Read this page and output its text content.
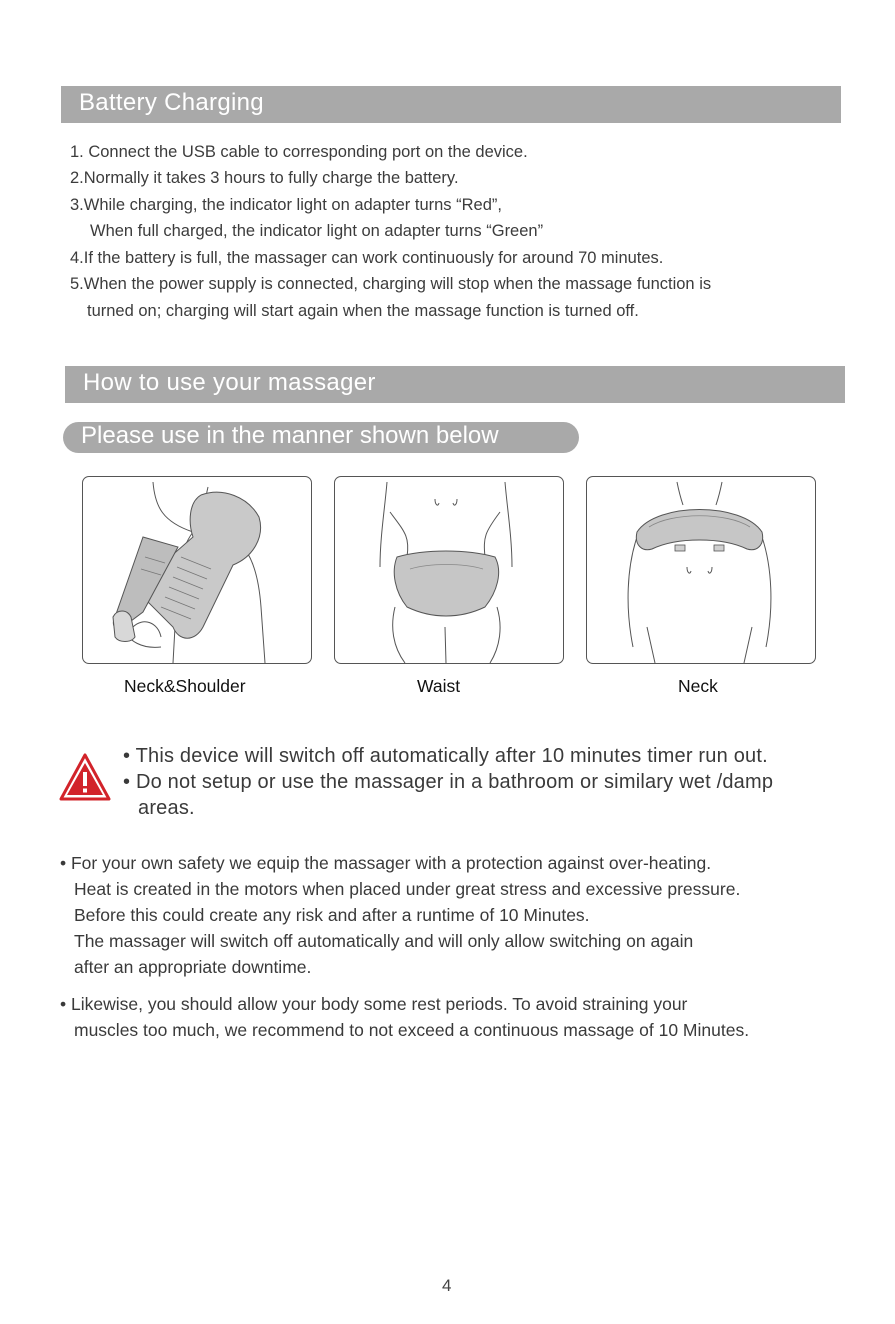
Battery Charging
1. Connect the USB cable to corresponding port on the device.
2.Normally it takes 3 hours to fully charge the battery.
3.While charging, the indicator light on adapter turns “Red”,
When full charged, the indicator light on adapter turns “Green”
4.If the battery is full, the massager can work continuously for around 70 minutes.
5.When the power supply is connected, charging will stop when the massage function is
turned on; charging will start again when the massage function is turned off.
How to use your massager
Please use in the manner shown below
Neck&Shoulder	Waist	Neck
• This device will switch off automatically after 10 minutes timer run out.
• Do not setup or use the massager in a bathroom or similary wet /damp
areas.
• For your own safety we equip the massager with a protection against over-heating.
Heat is created in the motors when placed under great stress and excessive pressure.
Before this could create any risk and after a runtime of 10 Minutes.
The massager will switch off automatically and will only allow switching on again
after an appropriate downtime.
• Likewise, you should allow your body some rest periods. To avoid straining your
muscles too much, we recommend to not exceed a continuous massage of 10 Minutes.
4
